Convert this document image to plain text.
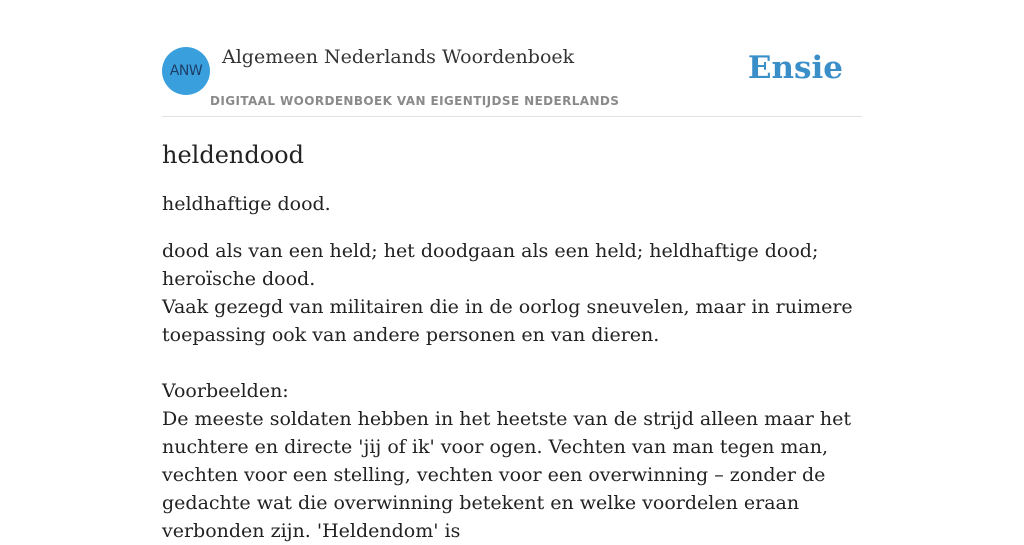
ANW
Algemeen Nederlands Woordenboek
DIGITAAL WOORDENBOEK VAN EIGENTIJDSE NEDERLANDS
Ensie
heldendood
heldhaftige dood.

dood als van een held; het doodgaan als een held; heldhaftige dood; heroïsche dood.

Vaak gezegd van militairen die in de oorlog sneuvelen, maar in ruimere toepassing ook van andere personen en van dieren.

Voorbeelden:

De meeste soldaten hebben in het heetste van de strijd alleen maar het nuchtere en directe 'jij of ik' voor ogen. Vechten van man tegen man, vechten voor een stelling, vechten voor een overwinning – zonder de gedachte wat die overwinning betekent en welke voordelen eraan verbonden zijn. 'Heldendom' is
